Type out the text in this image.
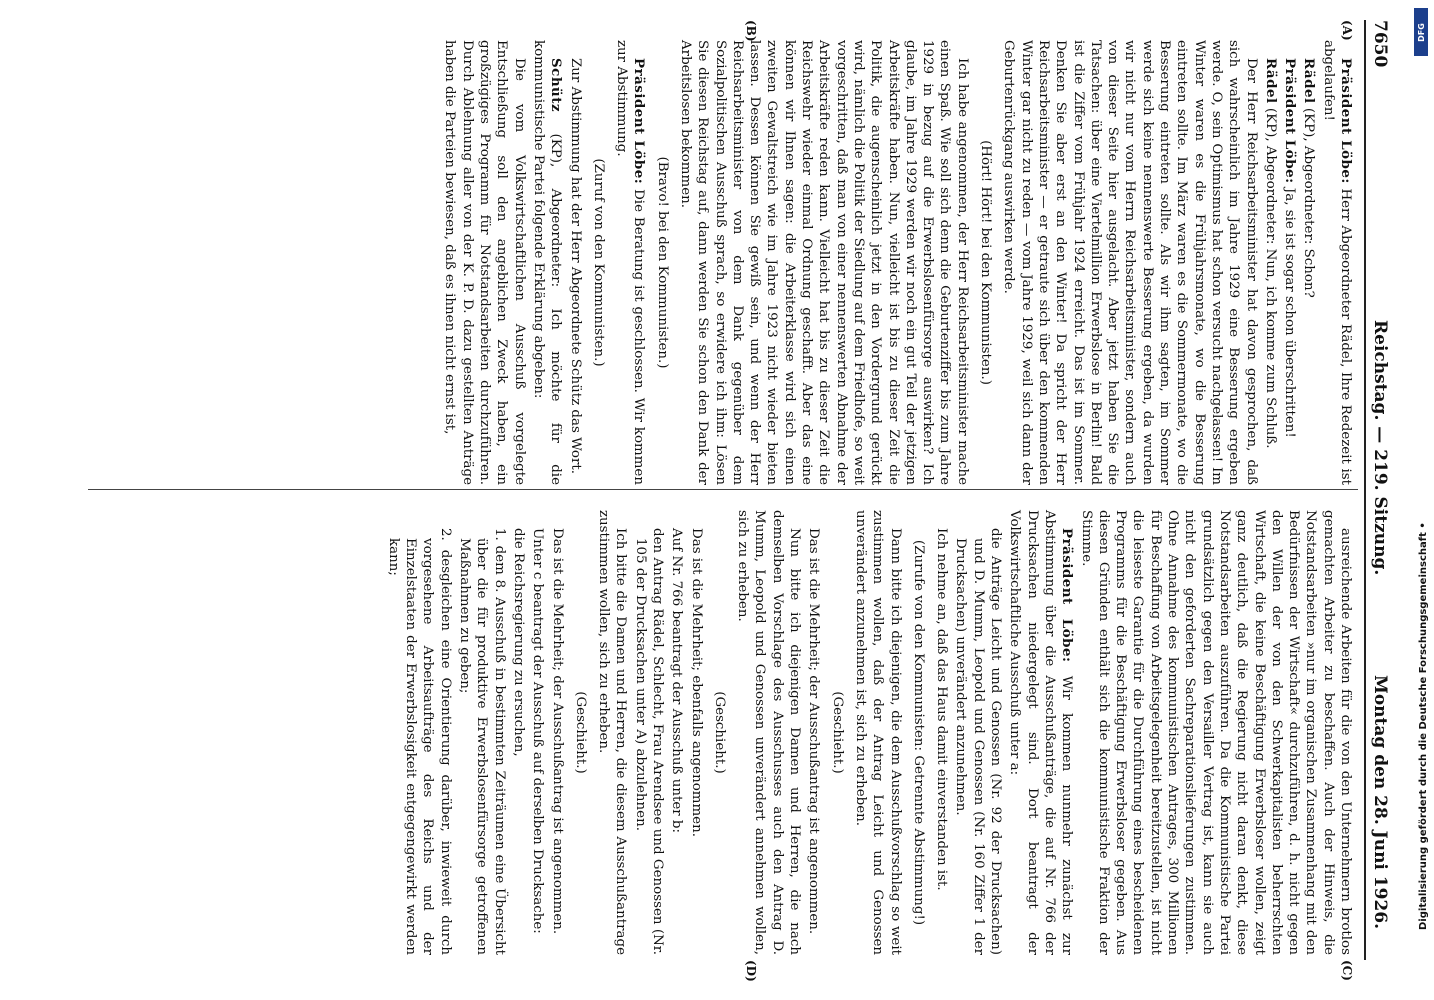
7650
Reichstag. — 219. Sitzung.
Montag den 28. Juni 1926.
(A)
(B)
(C)
(D)

Präsident Löbe: Herr Abgeordneter Rädel, Ihre Redezeit ist abgelaufen!

Rädel (KP), Abgeordneter: Schon?

Präsident Löbe: Ja, sie ist sogar schon überschritten!

Rädel (KP), Abgeordneter: Nun, ich komme zum Schluß.

Der Herr Reichsarbeitsminister hat davon gesprochen, daß sich wahrscheinlich im Jahre 1929 eine Besserung ergeben werde. O, sein Optimismus hat schon versucht nachgelassen! Im Winter waren es die Frühjahrsmonate, wo die Besserung eintreten sollte. Im März waren es die Sommermonate, wo die Besserung eintreten sollte. Als wir ihm sagten, im Sommer werde sich keine nennenswerte Besserung ergeben, da wurden wir nicht nur vom Herrn Reichsarbeitsminister, sondern auch von dieser Seite hier ausgelacht. Aber jetzt haben Sie die Tatsachen: über eine Viertelmillion Erwerbslose in Berlin! Bald ist die Ziffer vom Frühjahr 1924 erreicht. Das ist im Sommer. Denken Sie aber erst an den Winter! Da spricht der Herr Reichsarbeitsminister — er getraute sich über den kommenden Winter gar nicht zu reden — vom Jahre 1929, weil sich dann der Geburtenrückgang auswirken werde.

(Hört! Hört! bei den Kommunisten.)

Ich habe angenommen, der Herr Reichsarbeitsminister mache einen Spaß. Wie soll sich denn die Geburtenziffer bis zum Jahre 1929 in bezug auf die Erwerbslosenfürsorge auswirken? Ich glaube, im Jahre 1929 werden wir noch ein gut Teil der jetzigen Arbeitskräfte haben. Nun, vielleicht ist bis zu dieser Zeit die Politik, die augenscheinlich jetzt in den Vordergrund gerückt wird, nämlich die Politik der Siedlung auf dem Friedhofe, so weit vorgeschritten, daß man von einer nennenswerten Abnahme der Arbeitskräfte reden kann. Vielleicht hat bis zu dieser Zeit die Reichswehr wieder einmal Ordnung geschafft. Aber das eine können wir Ihnen sagen: die Arbeiterklasse wird sich einen zweiten Gewaltstreich wie im Jahre 1923 nicht wieder bieten lassen. Dessen können Sie gewiß sein, und wenn der Herr Reichsarbeitsminister von dem Dank gegenüber dem Sozialpolitischen Ausschuß sprach, so erwidere ich ihm: Lösen Sie diesen Reichstag auf, dann werden Sie schon den Dank der Arbeitslosen bekommen.

(Bravo! bei den Kommunisten.)

Präsident Löbe: Die Beratung ist geschlossen. Wir kommen zur Abstimmung.

(Zuruf von den Kommunisten.)

Zur Abstimmung hat der Herr Abgeordnete Schütz das Wort.

Schütz (KP), Abgeordneter: Ich möchte für die kommunistische Partei folgende Erklärung abgeben:

Die vom Volkswirtschaftlichen Ausschuß vorgelegte Entschließung soll den angeblichen Zweck haben, ein großzügiges Programm für Notstandsarbeiten durchzuführen. Durch Ablehnung aller von der K. P. D. dazu gestellten Anträge haben die Parteien bewiesen, daß es ihnen nicht ernst ist,

ausreichende Arbeiten für die von den Unternehmern brotlos gemachten Arbeiter zu beschaffen. Auch der Hinweis, die Notstandsarbeiten »nur im organischen Zusammenhang mit den Bedürfnissen der Wirtschaft« durchzuführen, d. h. nicht gegen den Willen der von den Schwerkapitalisten beherrschten Wirtschaft, die keine Beschäftigung Erwerbsloser wollen, zeigt ganz deutlich, daß die Regierung nicht daran denkt, diese Notstandsarbeiten auszuführen. Da die Kommunistische Partei grundsätzlich gegen den Versailler Vertrag ist, kann sie auch nicht den geforderten Sachreparationslieferungen zustimmen. Ohne Annahme des kommunistischen Antrages, 300 Millionen für Beschaffung von Arbeitsgelegenheit bereitzustellen, ist nicht die leiseste Garantie für die Durchführung eines bescheidenen Programms für die Beschäftigung Erwerbsloser gegeben. Aus diesen Gründen enthält sich die kommunistische Fraktion der Stimme.

Präsident Löbe: Wir kommen nunmehr zunächst zur Abstimmung über die Ausschußanträge, die auf Nr. 766 der Drucksachen niedergelegt sind. Dort beantragt der Volkswirtschaftliche Ausschuß unter a:

die Anträge Leicht und Genossen (Nr. 92 der Drucksachen) und D. Mumm, Leopold und Genossen (Nr. 160 Ziffer 1 der Drucksachen) unverändert anzunehmen.

Ich nehme an, daß das Haus damit einverstanden ist.

(Zurufe von den Kommunisten: Getrennte Abstimmung!)

Dann bitte ich diejenigen, die dem Ausschußvorschlag so weit zustimmen wollen, daß der Antrag Leicht und Genossen unverändert anzunehmen ist, sich zu erheben.

(Geschieht.)

Das ist die Mehrheit; der Ausschußantrag ist angenommen.

Nun bitte ich diejenigen Damen und Herren, die nach demselben Vorschlage des Ausschusses auch den Antrag D. Mumm, Leopold und Genossen unverändert annehmen wollen, sich zu erheben.

(Geschieht.)

Das ist die Mehrheit; ebenfalls angenommen.

Auf Nr. 766 beantragt der Ausschuß unter b:

den Antrag Rädel, Schlecht, Frau Arendsee und Genossen (Nr. 105 der Drucksachen unter A) abzulehnen.

Ich bitte die Damen und Herren, die diesem Ausschußantrage zustimmen wollen, sich zu erheben.

(Geschieht.)

Das ist die Mehrheit; der Ausschußantrag ist angenommen.

Unter c beantragt der Ausschuß auf derselben Drucksache:

die Reichsregierung zu ersuchen,
1. dem 8. Ausschuß in bestimmten Zeiträumen eine Übersicht über die für produktive Erwerbslosenfürsorge getroffenen Maßnahmen zu geben;
2. desgleichen eine Orientierung darüber, inwieweit durch vorgesehene Arbeitsaufträge des Reichs und der Einzelstaaten der Erwerbslosigkeit entgegengewirkt werden kann;	Digitalisierung gefördert durch die Deutsche Forschungsgemeinschaft •
DFG
